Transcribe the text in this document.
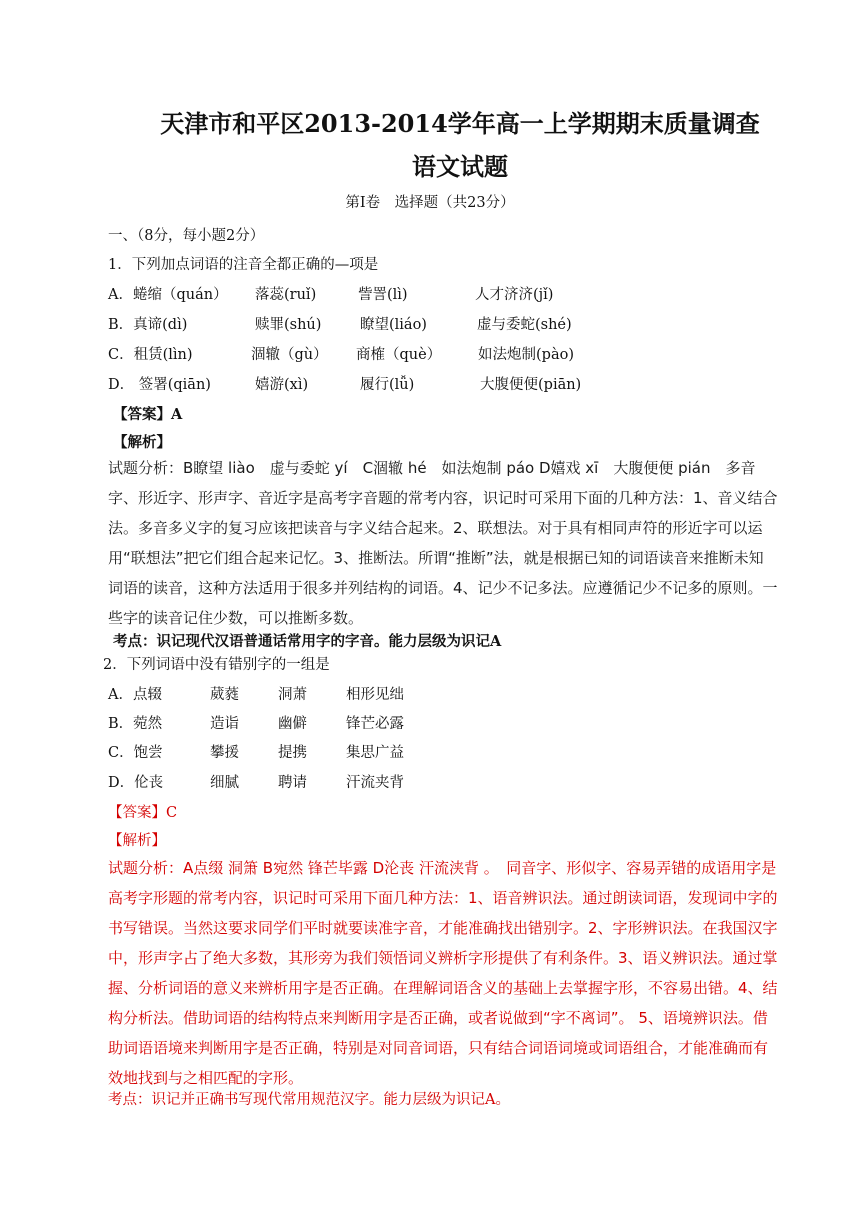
天津市和平区2013-2014学年高一上学期期末质量调查
语文试题
第Ⅰ卷　选择题（共23分）
一、（8分，每小题2分）
1．下列加点词语的注音全都正确的—项是
A．蜷缩（quán） 落蕊(ruǐ)	訾詈(lì)	人才济济(jǐ)
B．真谛(dì)	赎罪(shú)	瞭望(liáo)	虚与委蛇(shé)
C．租赁(lìn)	涸辙（gù） 商榷（què）	如法炮制(pào)
D． 签署(qiān)	嬉游(xì)	履行(lǚ)	大腹便便(piān)
【答案】A
【解析】
试题分析：B瞭望 liào　虚与委蛇 yí　C涸辙 hé　如法炮制 páo D嬉戏 xī　大腹便便 pián　多音字、形近字、形声字、音近字是高考字音题的常考内容，识记时可采用下面的几种方法：1、音义结合法。多音多义字的复习应该把读音与字义结合起来。2、联想法。对于具有相同声符的形近字可以运用“联想法”把它们组合起来记忆。3、推断法。所谓“推断”法，就是根据已知的词语读音来推断未知词语的读音，这种方法适用于很多并列结构的词语。4、记少不记多法。应遵循记少不记多的原则。一些字的读音记住少数，可以推断多数。
考点：识记现代汉语普通话常用字的字音。能力层级为识记A
2．下列词语中没有错别字的一组是
A．点辍	葳蕤	洞萧	相形见绌
B．菀然	造诣	幽僻	锋芒必露
C．饱尝	攀援	提携	集思广益
D．伦丧	细腻	聘请	汗流夹背
【答案】C
【解析】
试题分析：A点缀 洞箫 B宛然 锋芒毕露 D沦丧 汗流浃背 。　同音字、形似字、容易弄错的成语用字是高考字形题的常考内容，识记时可采用下面几种方法：1、语音辨识法。通过朗读词语，发现词中字的书写错误。当然这要求同学们平时就要读准字音，才能准确找出错别字。2、字形辨识法。在我国汉字中，形声字占了绝大多数，其形旁为我们领悟词义辨析字形提供了有利条件。3、语义辨识法。通过掌握、分析词语的意义来辨析用字是否正确。在理解词语含义的基础上去掌握字形，不容易出错。4、结构分析法。借助词语的结构特点来判断用字是否正确，或者说做到“字不离词”。 5、语境辨识法。借助词语语境来判断用字是否正确，特别是对同音词语，只有结合词语词境或词语组合，才能准确而有效地找到与之相匹配的字形。
考点：识记并正确书写现代常用规范汉字。能力层级为识记A。
